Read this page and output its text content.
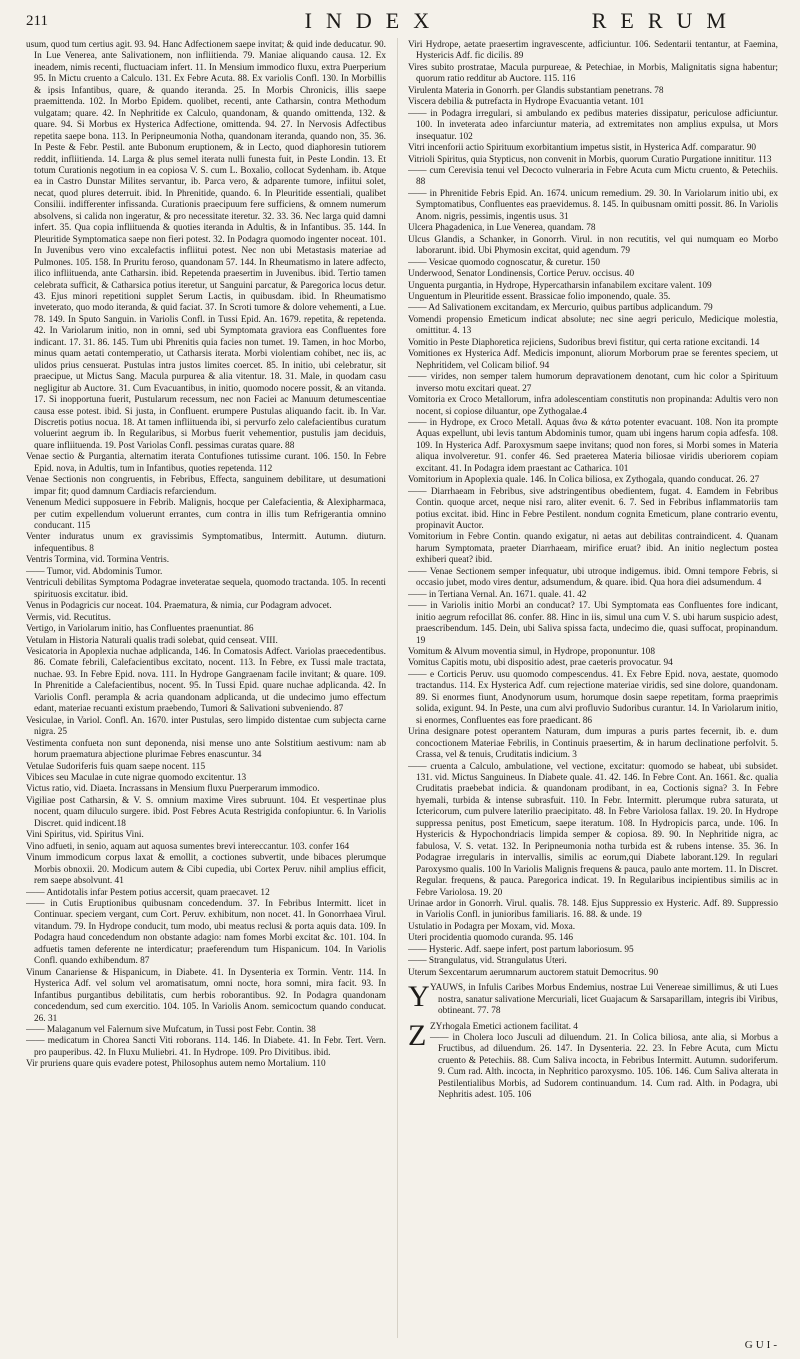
211	INDEX	RERUM

usum, quod tum certius agit. 93. 94. Hanc Adfectionem saepe invitat; & quid inde deducatur. 90. In Lue Venerea, ante Salivationem, non infliitienda. 79. Maniae aliquando causa. 12. Ex ineadem, nimis recenti, fluctuaciam infert. 11. In Mensium immodico fluxu, extra Puerperium 95. In Mictu cruento a Calculo. 131. Ex Febre Acuta. 88. Ex variolis Confl. 130. In Morbillis & ipsis Infantibus, quare, & quando iteranda. 25. In Morbis Chronicis, illis saepe praemittenda. 102. In Morbo Epidem. quolibet, recenti, ante Catharsin, contra Methodum vulgatam; quare. 42. In Nephritide ex Calculo, quandonam, & quando omittenda, 132. & quare. 94. Si Morbus ex Hysterica Adfectione, omittenda. 94. 27. In Nervosis Adfectibus repetita saepe bona. 113. In Peripneumonia Notha, quandonam iteranda, quando non, 35. 36. In Peste & Febr. Pestil. ante Bubonum eruptionem, & in Lecto, quod diaphoresin tutiorem reddit, infliitienda. 14. Larga & plus semel iterata nulli funesta fuit, in Peste Londin. 13. Et totum Curationis negotium in ea copiosa V. S. cum L. Boxalio, collocat Sydenham. ib. Atque ea in Castro Dunstar Milites servantur, ib. Parca vero, & adparente tumore, infiitui solet, necat, quod plures deterruit. ibid. In Phrenitide, quando. 6. In Pleuritide essentiali, qualibet Consilii. indifferenter infissanda. Curationis praecipuum fere sufficiens, & omnem numerum absolvens, si calida non ingeratur, & pro necessitate iteretur. 32. 33. 36. Nec larga quid damni infert. 35. Qua copia infliituenda & quoties iteranda in Adultis, & in Infantibus. 35. 144. In Pleuritide Symptomatica saepe non fieri potest. 32. In Podagra quomodo ingenter noceat. 101. In Juvenibus vero vino excalefactis infliitui potest. Nec non ubi Metastasis materiae ad Pulmones. 105. 158. In Pruritu feroso, quandonam 57. 144. In Rheumatismo in latere adfecto, ilico infliituenda, ante Catharsin. ibid. Repetenda praesertim in Juvenibus. ibid. Tertio tamen celebrata sufficit, & Catharsica potius iteretur, ut Sanguini parcatur, & Paregorica locus detur. 43. Ejus minori repetitioni supplet Serum Lactis, in quibusdam. ibid. In Rheumatismo inveterato, quo modo iteranda, & quid faciat. 37. In Scroti tumore & dolore vehementi, a Lue. 78. 149. In Sputo Sanguin. in Variolis Confl. in Tussi Epid. An. 1679. repetita, & repetenda. 42. In Variolarum initio, non in omni, sed ubi Symptomata graviora eas Confluentes fore indicant. 17. 31. 86. 145. Tum ubi Phrenitis quia facies non tumet. 19. Tamen, in hoc Morbo, minus quam aetati contemperatio, ut Catharsis iterata. Morbi violentiam cohibet, nec iis, ac ulidos prius censuerat. Pustulas intra justos limites coercet. 85. In initio, ubi celebratur, sit praecipue, ut Mictus Sang. Macula purpurea & alia vitentur. 18. 31. Male, in quodam casu negligitur ab Auctore. 31. Cum Evacuantibus, in initio, quomodo nocere possit, & an vitanda. 17. Si inopportuna fuerit, Pustularum recessum, nec non Faciei ac Manuum detumescentiae causa esse potest. ibid. Si justa, in Confluent. erumpere Pustulas aliquando facit. ib. In Var. Discretis potius nocua. 18. At tamen infliituenda ibi, si pervurfo zelo calefacientibus curatum voluerint aegrum ib. In Regularibus, si Morbus fuerit vehementior, pustulis jam deciduis, quare infliituenda. 19. Post Variolas Confl. pessimas curatas quare. 88

Venae sectio & Purgantia, alternatim iterata Contufiones tutissime curant. 106. 150. In Febre Epid. nova, in Adultis, tum in Infantibus, quoties repetenda. 112

Venae Sectionis non congruentis, in Febribus, Effecta, sanguinem debilitare, ut desumationi impar fit; quod damnum Cardiacis refarciendum.

Venenum Medici supposuere in Febrib. Malignis, hocque per Calefacientia, & Alexipharmaca, per cutim expellendum voluerunt errantes, cum contra in illis tum Refrigerantia omnino conducant. 115

Venter induratus unum ex gravissimis Symptomatibus, Intermitt. Autumn. diuturn. infequentibus. 8

Ventris Tormina, vid. Tormina Ventris.

—— Tumor, vid. Abdominis Tumor.

Ventriculi debilitas Symptoma Podagrae inveteratae sequela, quomodo tractanda. 105. In recenti spirituosis excitatur. ibid.

Venus in Podagricis cur noceat. 104. Praematura, & nimia, cur Podagram advocet.

Vermis, vid. Recutitus.

Vertigo, in Variolarum initio, has Confluentes praenuntiat. 86

Vetulam in Historia Naturali qualis tradi solebat, quid censeat. VIII.

Vesicatoria in Apoplexia nuchae adplicanda, 146. In Comatosis Adfect. Variolas praecedentibus. 86. Comate febrili, Calefacientibus excitato, nocent. 113. In Febre, ex Tussi male tractata, nuchae. 93. In Febre Epid. nova. 111. In Hydrope Gangraenam facile invitant; & quare. 109. In Phrenitide a Calefacientibus, nocent. 95. In Tussi Epid. quare nuchae adplicanda. 42. In Variolis Confl. perampla & acria quandonam adplicanda, ut die undecimo jumo effectum edant, materiae recuanti existum praebendo, Tumori & Salivationi subveniendo. 87

Vesiculae, in Variol. Confl. An. 1670. inter Pustulas, sero limpido distentae cum subjecta carne nigra. 25

Vestimenta confueta non sunt deponenda, nisi mense uno ante Solstitium aestivum: nam ab horum praematura abjectione plurimae Febres enascuntur. 34

Vetulae Sudoriferis fuis quam saepe nocent. 115

Vibices seu Maculae in cute nigrae quomodo excitentur. 13

Victus ratio, vid. Diaeta. Incrassans in Mensium fluxu Puerperarum immodico.

Vigiliae post Catharsin, & V. S. omnium maxime Vires subruunt. 104. Et vespertinae plus nocent, quam diluculo surgere. ibid. Post Febres Acuta Restrigida confopiuntur. 6. In Variolis Discret. quid indicent.18

Vini Spiritus, vid. Spiritus Vini.

Vino adfueti, in senio, aquam aut aquosa sumentes brevi intereccantur. 103. confer 164

Vinum immodicum corpus laxat & emollit, a coctiones subvertit, unde bibaces plerumque Morbis obnoxii. 20. Modicum autem & Cibi cupedia, ubi Cortex Peruv. nihil amplius efficit, rem saepe absolvunt. 41

—— Antidotalis infar Pestem potius accersit, quam praecavet. 12

—— in Cutis Eruptionibus quibusnam concedendum. 37. In Febribus Intermitt. licet in Continuar. speciem vergant, cum Cort. Peruv. exhibitum, non nocet. 41. In Gonorrhaea Virul. vitandum. 79. In Hydrope conducit, tum modo, ubi meatus reclusi & porta aquis data. 109. In Podagra haud concedendum non obstante adagio: nam fomes Morbi excitat &c. 101. 104. In adfuetis tamen deferente ne interdicatur; praeferendum tum Hispanicum. 104. In Variolis Confl. quando exhibendum. 87

Vinum Canariense & Hispanicum, in Diabete. 41. In Dysenteria ex Tormin. Ventr. 114. In Hysterica Adf. vel solum vel aromatisatum, omni nocte, hora somni, mira facit. 93. In Infantibus purgantibus debilitatis, cum herbis roborantibus. 92. In Podagra quandonam concedendum, sed cum exercitio. 104. 105. In Variolis Anom. semicoctum quando conducat. 26. 31

—— Malaganum vel Falernum sive Mufcatum, in Tussi post Febr. Contin. 38

—— medicatum in Chorea Sancti Viti roborans. 114. 146. In Diabete. 41. In Febr. Tert. Vern. pro pauperibus. 42. In Fluxu Muliebri. 41. In Hydrope. 109. Pro Divitibus. ibid.

Vir pruriens quare quis evadere potest, Philosophus autem nemo Mortalium. 110

Viri Hydrope, aetate praesertim ingravescente, adficiuntur. 106. Sedentarii tentantur, at Faemina, Hystericis Adf. fic dicilis. 89

Vires subito prostratae, Macula purpureae, & Petechiae, in Morbis, Malignitatis signa habentur; quorum ratio redditur ab Auctore. 115. 116

Virulenta Materia in Gonorrh. per Glandis substantiam penetrans. 78

Viscera debilia & putrefacta in Hydrope Evacuantia vetant. 101

—— in Podagra irregulari, si ambulando ex pedibus materies dissipatur, periculose adficiuntur. 100. In inveterata adeo infarciuntur materia, ad extremitates non amplius expulsa, ut Mors insequatur. 102

Vitri incenforii actio Spirituum exorbitantium impetus sistit, in Hysterica Adf. comparatur. 90

Vitrioli Spiritus, quia Stypticus, non convenit in Morbis, quorum Curatio Purgatione innititur. 113

—— cum Cerevisia tenui vel Decocto vulneraria in Febre Acuta cum Mictu cruento, & Petechiis. 88

—— in Phrenitide Febris Epid. An. 1674. unicum remedium. 29. 30. In Variolarum initio ubi, ex Symptomatibus, Confluentes eas praevidemus. 8. 145. In quibusnam omitti possit. 86. In Variolis Anom. nigris, pessimis, ingentis usus. 31

Ulcera Phagadenica, in Lue Venerea, quandam. 78

Ulcus Glandis, a Schanker, in Gonorrh. Virul. in non recutitis, vel qui numquam eo Morbo laborarunt. ibid. Ubi Phymosin excitat, quid agendum. 79

—— Vesicae quomodo cognoscatur, & curetur. 150

Underwood, Senator Londinensis, Cortice Peruv. occisus. 40

Unguenta purgantia, in Hydrope, Hypercatharsin infanabilem excitare valent. 109

Unguentum in Pleuritide essent. Brassicae folio imponendo, quale. 35.

—— Ad Salivationem excitandam, ex Mercurio, quibus partibus adplicandum. 79

Vomendi propensio Emeticum indicat absolute; nec sine aegri periculo, Medicique molestia, omittitur. 4. 13

Vomitio in Peste Diaphoretica rejiciens, Sudoribus brevi fistitur, qui certa ratione excitandi. 14

Vomitiones ex Hysterica Adf. Medicis imponunt, aliorum Morborum prae se ferentes speciem, ut Nephritidem, vel Colicam biliof. 94

—— virides, non semper talem humorum depravationem denotant, cum hic color a Spirituum inverso motu excitari queat. 27

Vomitoria ex Croco Metallorum, infra adolescentiam constitutis non propinanda: Adultis vero non nocent, si copiose diluantur, ope Zythogalae.4

—— in Hydrope, ex Croco Metall. Aquas ἄνω & κάτω potenter evacuant. 108. Non ita prompte Aquas expellunt, ubi levis tantum Abdominis tumor, quam ubi ingens harum copia adfesfa. 108. 109. In Hysterica Adf. Paroxysmum saepe invitans; quod non fores, si Morbi somes in Materia aliqua involveretur. 91. confer 46. Sed praeterea Materia biliosae viridis uberiorem copiam excitant. 41. In Podagra idem praestant ac Catharica. 101

Vomitorium in Apoplexia quale. 146. In Colica biliosa, ex Zythogala, quando conducat. 26. 27

—— Diarrhaeam in Febribus, sive adstringentibus obedientem, fugat. 4. Eamdem in Febribus Contin. quoque arcet, neque nisi raro, aliter evenit. 6. 7. Sed in Febribus inflammatoriis tam potius excitat. ibid. Hinc in Febre Pestilent. nondum cognita Emeticum, plane contrario eventu, propinavit Auctor.

Vomitorium in Febre Contin. quando exigatur, ni aetas aut debilitas contraindicent. 4. Quanam harum Symptomata, praeter Diarrhaeam, mirifice eruat? ibid. An initio neglectum postea exhiberi queat? ibid.

—— Venae Sectionem semper infequatur, ubi utroque indigemus. ibid. Omni tempore Febris, si occasio jubet, modo vires dentur, adsumendum, & quare. ibid. Qua hora diei adsumendum. 4

—— in Tertiana Vernal. An. 1671. quale. 41. 42

—— in Variolis initio Morbi an conducat? 17. Ubi Symptomata eas Confluentes fore indicant, initio aegrum refocillat 86. confer. 88. Hinc in iis, simul una cum V. S. ubi harum suspicio adest, praescribendum. 145. Dein, ubi Saliva spissa facta, undecimo die, quasi suffocat, propinandum. 19

Vomitum & Alvum moventia simul, in Hydrope, proponuntur. 108

Vomitus Capitis motu, ubi dispositio adest, prae caeteris provocatur. 94

—— e Corticis Peruv. usu quomodo compescendus. 41. Ex Febre Epid. nova, aestate, quomodo tractandus. 114. Ex Hysterica Adf. cum rejectione materiae viridis, sed sine dolore, quandonam. 89. Si enormes fiunt, Anodynorum usum, horumque dosin saepe repetitam, forma praeprimis solida, exigunt. 94. In Peste, una cum alvi profluvio Sudoribus curantur. 14. In Variolarum initio, si enormes, Confluentes eas fore praedicant. 86

Urina designare potest operantem Naturam, dum impuras a puris partes fecernit, ib. e. dum concoctionem Materiae Febrilis, in Continuis praesertim, & in harum declinatione perfolvit. 5. Crassa, vel & tenuis, Cruditatis indicium. 3

—— cruenta a Calculo, ambulatione, vel vectione, excitatur: quomodo se habeat, ubi subsidet. 131. vid. Mictus Sanguineus. In Diabete quale. 41. 42. 146. In Febre Cont. An. 1661. &c. qualia Cruditatis praebebat indicia. & quandonam prodibant, in ea, Coctionis signa? 3. In Febre hyemali, turbida & intense subrasfuit. 110. In Febr. Intermitt. plerumque rubra saturata, ut Ictericorum, cum pulvere laterilio praecipitato. 48. In Febre Variolosa fallax. 19. 20. In Hydrope suppressa penitus, post Emeticum, saepe iteratum. 108. In Hydropicis parca, unde. 106. In Hystericis & Hypochondriacis limpida semper & copiosa. 89. 90. In Nephritide nigra, ac fabulosa, V. S. vetat. 132. In Peripneumonia notha turbida est & rubens intense. 35. 36. In Podagrae irregularis in intervallis, similis ac eorum,qui Diabete laborant.129. In regulari Paroxysmo qualis. 100 In Variolis Malignis frequens & pauca, paulo ante mortem. 11. In Discret. Regular. frequens, & pauca. Paregorica indicat. 19. In Regularibus incipientibus similis ac in Febre Variolosa. 19. 20

Urinae ardor in Gonorrh. Virul. qualis. 78. 148. Ejus Suppressio ex Hysteric. Adf. 89. Suppressio in Variolis Confl. in junioribus familiaris. 16. 88. & unde. 19

Ustulatio in Podagra per Moxam, vid. Moxa.

Uteri procidentia quomodo curanda. 95. 146

—— Hysteric. Adf. saepe infert, post partum laboriosum. 95

—— Strangulatus, vid. Strangulatus Uteri.

Uterum Sexcentarum aerumnarum auctorem statuit Democritus. 90

Y YAUWS, in Infulis Caribes Morbus Endemius, nostrae Lui Venereae simillimus, & uti Lues nostra, sanatur salivatione Mercuriali, licet Guajacum & Sarsaparillam, integris ibi Viribus, obtineant. 77. 78

Z ZYrhogala Emetici actionem facilitat. 4

—— in Cholera loco Jusculi ad diluendum. 21. In Colica biliosa, ante alia, si Morbus a Fructibus, ad diluendum. 26. 147. In Dysenteria. 22. 23. In Febre Acuta, cum Mictu cruento & Petechiis. 88. Cum Saliva incocta, in Febribus Intermitt. Autumn. sudoriferum. 9. Cum rad. Alth. incocta, in Nephritico paroxysmo. 105. 106. 146. Cum Saliva alterata in Pestilentialibus Morbis, ad Sudorem continuandum. 14. Cum rad. Alth. in Podagra, ubi Nephritis adest. 105. 106

GUI-
